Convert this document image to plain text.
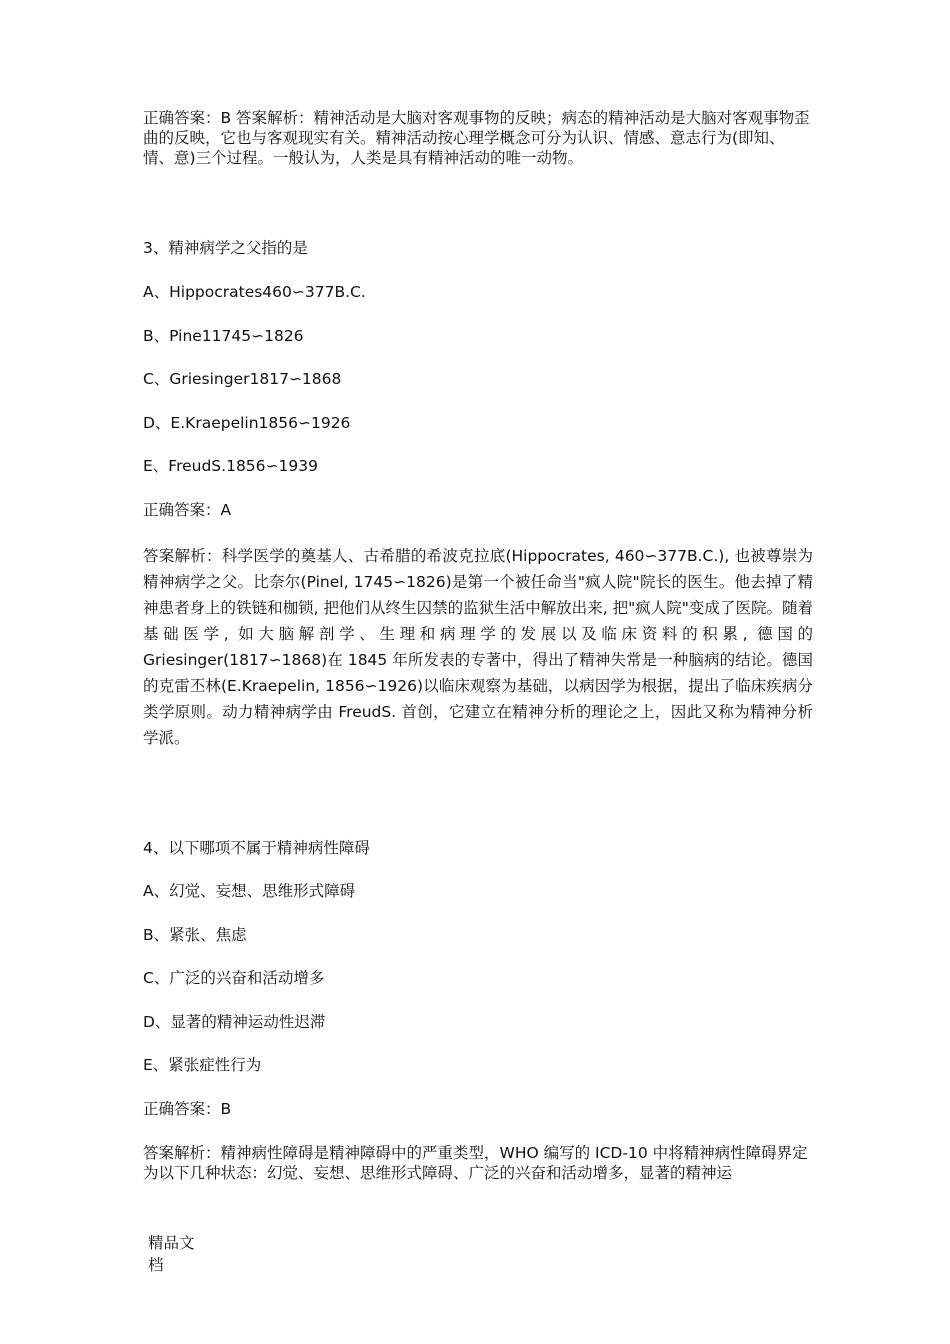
正确答案：B 答案解析：精神活动是大脑对客观事物的反映；病态的精神活动是大脑对客观事物歪曲的反映，它也与客观现实有关。精神活动按心理学概念可分为认识、情感、意志行为(即知、情、意)三个过程。一般认为，人类是具有精神活动的唯一动物。

3、精神病学之父指的是

A、Hippocrates460∽377B.C.

B、Pine11745∽1826

C、Griesinger1817∽1868

D、E.Kraepelin1856∽1926

E、FreudS.1856∽1939

正确答案：A

答案解析：科学医学的奠基人、古希腊的希波克拉底(Hippocrates, 460∽377B.C.), 也被尊崇为精神病学之父。比奈尔(Pinel, 1745∽1826)是第一个被任命当"疯人院"院长的医生。他去掉了精神患者身上的铁链和枷锁, 把他们从终生囚禁的监狱生活中解放出来, 把"疯人院"变成了医院。随着基础医学, 如大脑解剖学、生理和病理学的发展以及临床资料的积累, 德国的 Griesinger(1817∽1868)在 1845 年所发表的专著中，得出了精神失常是一种脑病的结论。德国的克雷丕林(E.Kraepelin, 1856∽1926)以临床观察为基础，以病因学为根据，提出了临床疾病分类学原则。动力精神病学由 FreudS. 首创，它建立在精神分析的理论之上，因此又称为精神分析学派。

4、以下哪项不属于精神病性障碍

A、幻觉、妄想、思维形式障碍

B、紧张、焦虑

C、广泛的兴奋和活动增多

D、显著的精神运动性迟滞

E、紧张症性行为

正确答案：B

答案解析：精神病性障碍是精神障碍中的严重类型，WHO 编写的 ICD-10 中将精神病性障碍界定为以下几种状态：幻觉、妄想、思维形式障碍、广泛的兴奋和活动增多，显著的精神运

精品文档
